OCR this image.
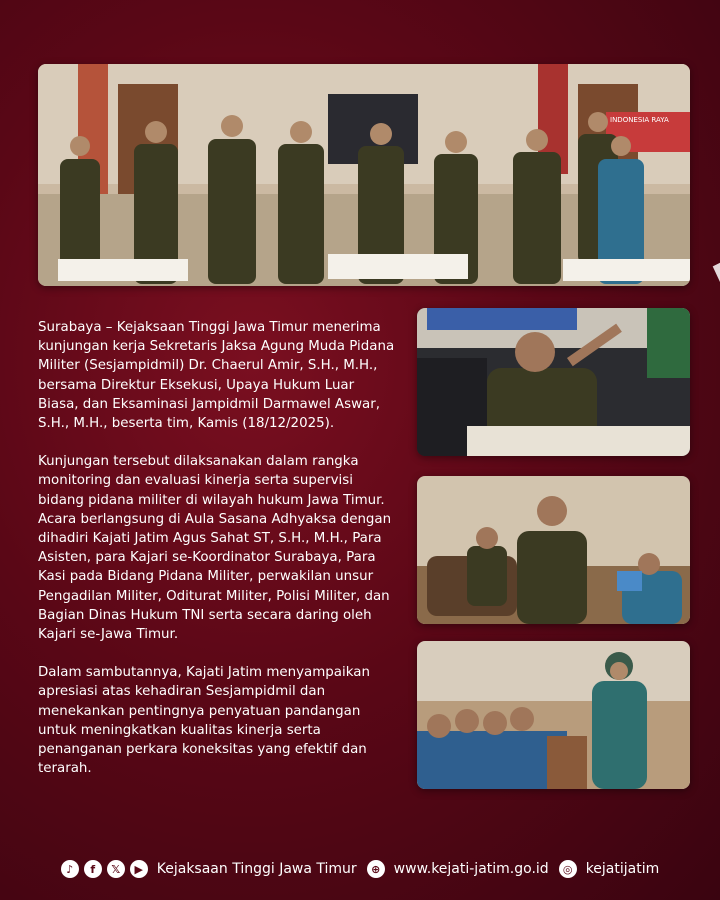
INDONESIA RAYA

Surabaya – Kejaksaan Tinggi Jawa Timur menerima kunjungan kerja Sekretaris Jaksa Agung Muda Pidana Militer (Sesjampidmil) Dr. Chaerul Amir, S.H., M.H., bersama Direktur Eksekusi, Upaya Hukum Luar Biasa, dan Eksaminasi Jampidmil Darmawel Aswar, S.H., M.H., beserta tim, Kamis (18/12/2025).

Kunjungan tersebut dilaksanakan dalam rangka monitoring dan evaluasi kinerja serta supervisi bidang pidana militer di wilayah hukum Jawa Timur. Acara berlangsung di Aula Sasana Adhyaksa dengan dihadiri Kajati Jatim Agus Sahat ST, S.H., M.H., Para Asisten, para Kajari se-Koordinator Surabaya, Para Kasi pada Bidang Pidana Militer, perwakilan unsur Pengadilan Militer, Oditurat Militer, Polisi Militer, dan Bagian Dinas Hukum TNI serta secara daring oleh Kajari se-Jawa Timur.

Dalam sambutannya, Kajati Jatim menyampaikan apresiasi atas kehadiran Sesjampidmil dan menekankan pentingnya penyatuan pandangan untuk meningkatkan kualitas kinerja serta penanganan perkara koneksitas yang efektif dan terarah.

♪	f	𝕏	▶ Kejaksaan Tinggi Jawa Timur	⊕ www.kejati-jatim.go.id	◎ kejatijatim
